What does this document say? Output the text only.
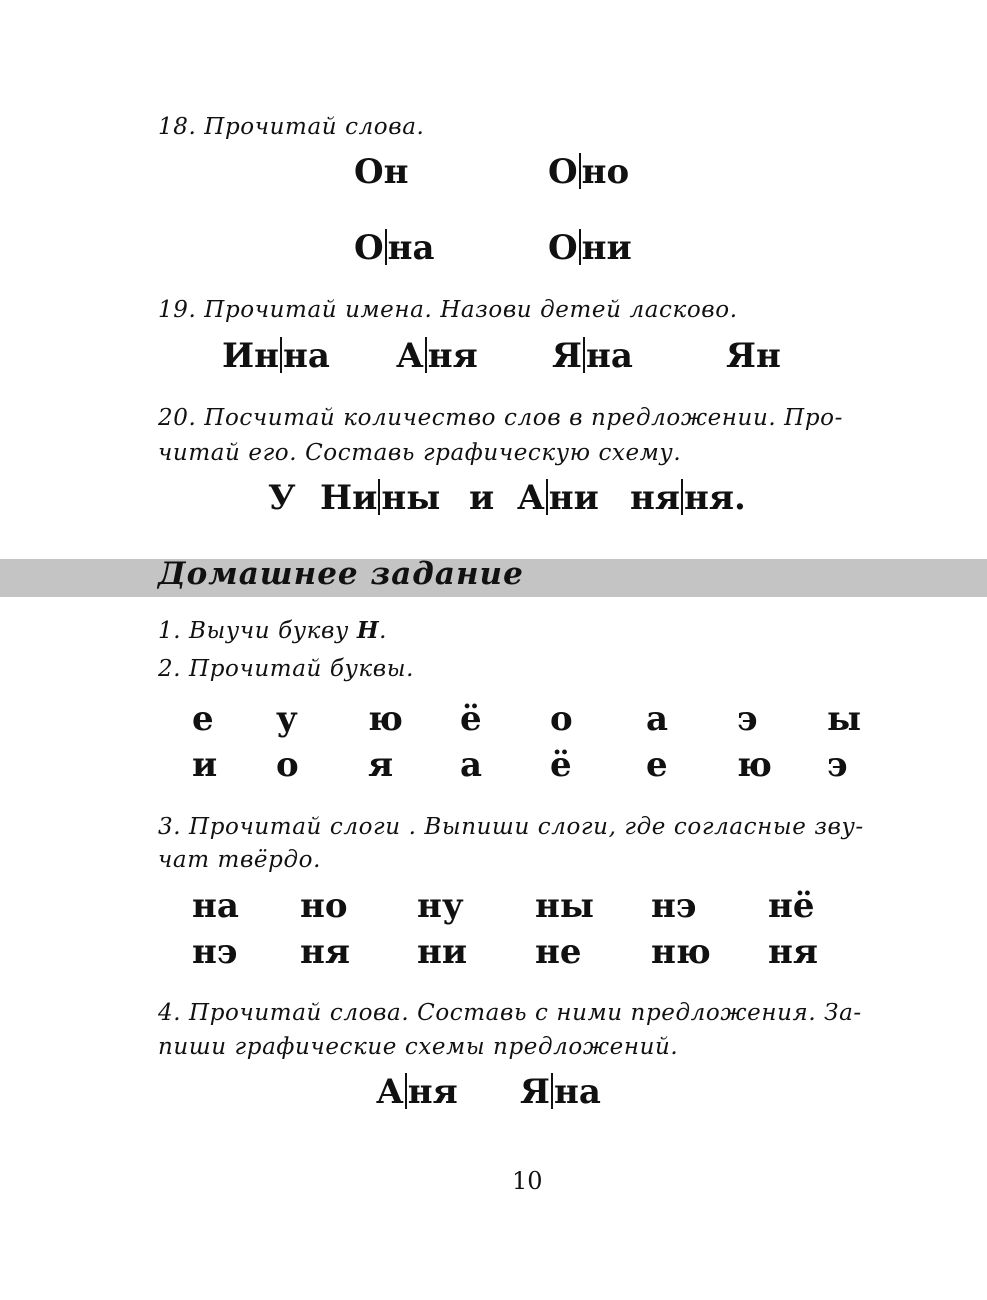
18. Прочитай слова.
Он	О но
О на	О ни
19. Прочитай имена. Назови детей ласково.
Ин на А ня Я на	Ян
20. Посчитай количество слов в предложении. Про-
читай его. Составь графическую схему.
У Ни ны и А ни ня ня.
Домашнее задание
1. Выучи букву Н.
2. Прочитай буквы.
е у ю ё о а э ы
и о я а ё е ю э
3. Прочитай слоги . Выпиши слоги, где согласные зву-
чат твёрдо.
на но ну ны нэ нё
нэ ня ни не ню ня
4. Прочитай слова. Составь с ними предложения. За-
пиши графические схемы предложений.
А ня Я на
10
